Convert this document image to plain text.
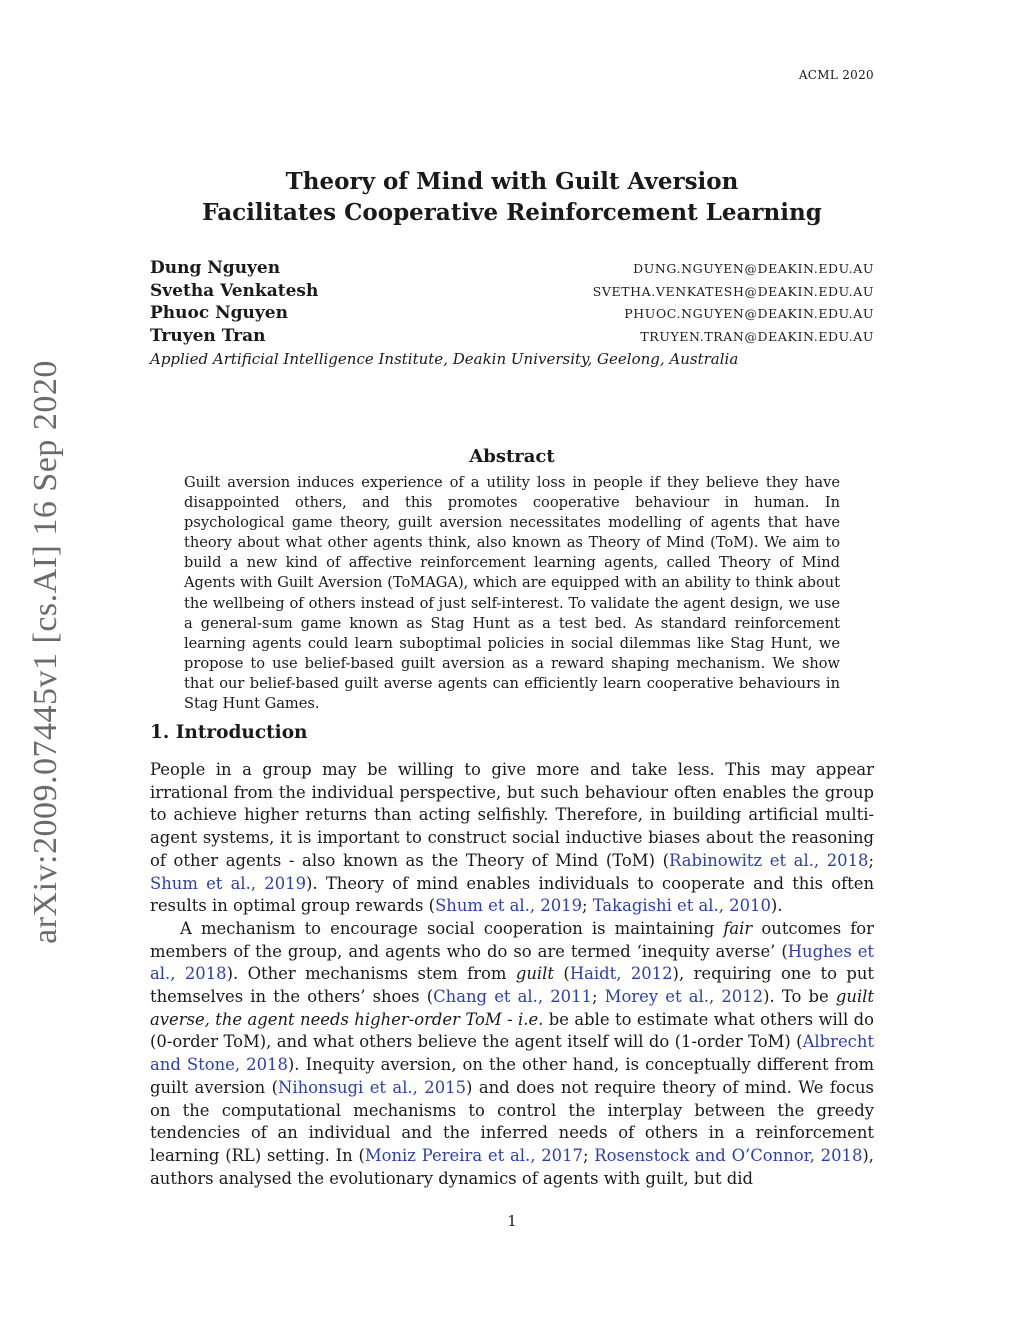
ACML 2020
arXiv:2009.07445v1 [cs.AI] 16 Sep 2020
Theory of Mind with Guilt Aversion
Facilitates Cooperative Reinforcement Learning
Dung Nguyen	DUNG.NGUYEN@DEAKIN.EDU.AU
Svetha Venkatesh	SVETHA.VENKATESH@DEAKIN.EDU.AU
Phuoc Nguyen	PHUOC.NGUYEN@DEAKIN.EDU.AU
Truyen Tran	TRUYEN.TRAN@DEAKIN.EDU.AU
Applied Artificial Intelligence Institute, Deakin University, Geelong, Australia
Abstract
Guilt aversion induces experience of a utility loss in people if they believe they have disappointed others, and this promotes cooperative behaviour in human. In psychological game theory, guilt aversion necessitates modelling of agents that have theory about what other agents think, also known as Theory of Mind (ToM). We aim to build a new kind of affective reinforcement learning agents, called Theory of Mind Agents with Guilt Aversion (ToMAGA), which are equipped with an ability to think about the wellbeing of others instead of just self-interest. To validate the agent design, we use a general-sum game known as Stag Hunt as a test bed. As standard reinforcement learning agents could learn suboptimal policies in social dilemmas like Stag Hunt, we propose to use belief-based guilt aversion as a reward shaping mechanism. We show that our belief-based guilt averse agents can efficiently learn cooperative behaviours in Stag Hunt Games.
1. Introduction

People in a group may be willing to give more and take less. This may appear irrational from the individual perspective, but such behaviour often enables the group to achieve higher returns than acting selfishly. Therefore, in building artificial multi-agent systems, it is important to construct social inductive biases about the reasoning of other agents - also known as the Theory of Mind (ToM) (Rabinowitz et al., 2018; Shum et al., 2019). Theory of mind enables individuals to cooperate and this often results in optimal group rewards (Shum et al., 2019; Takagishi et al., 2010).

A mechanism to encourage social cooperation is maintaining fair outcomes for members of the group, and agents who do so are termed ‘inequity averse’ (Hughes et al., 2018). Other mechanisms stem from guilt (Haidt, 2012), requiring one to put themselves in the others’ shoes (Chang et al., 2011; Morey et al., 2012). To be guilt averse, the agent needs higher-order ToM - i.e. be able to estimate what others will do (0-order ToM), and what others believe the agent itself will do (1-order ToM) (Albrecht and Stone, 2018). Inequity aversion, on the other hand, is conceptually different from guilt aversion (Nihonsugi et al., 2015) and does not require theory of mind. We focus on the computational mechanisms to control the interplay between the greedy tendencies of an individual and the inferred needs of others in a reinforcement learning (RL) setting. In (Moniz Pereira et al., 2017; Rosenstock and O’Connor, 2018), authors analysed the evolutionary dynamics of agents with guilt, but did

1
